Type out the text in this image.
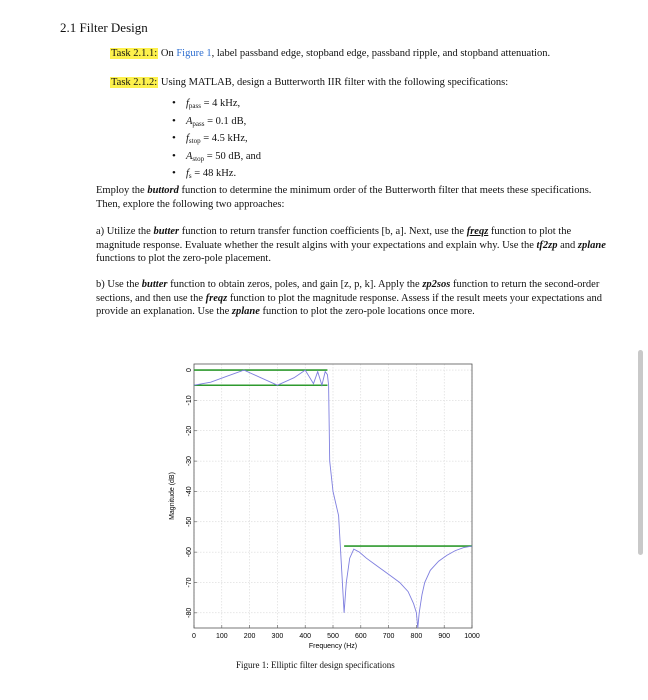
2.1 Filter Design
Task 2.1.1: On Figure 1, label passband edge, stopband edge, passband ripple, and stopband attenuation.
Task 2.1.2: Using MATLAB, design a Butterworth IIR filter with the following specifications:
• $f_{pass} = 4$ kHz,
• $A_{pass} = 0.1$ dB,
• $f_{stop} = 4.5$ kHz,
• $A_{stop} = 50$ dB, and
• $f_s = 48$ kHz.
Employ the buttord function to determine the minimum order of the Butterworth filter that meets these specifications. Then, explore the following two approaches:
a) Utilize the butter function to return transfer function coefficients [b, a]. Next, use the freqz function to plot the magnitude response. Evaluate whether the result algins with your expectations and explain why. Use the tf2zp and zplane functions to plot the zero-pole placement.
b) Use the butter function to obtain zeros, poles, and gain [z, p, k]. Apply the zp2sos function to return the second-order sections, and then use the freqz function to plot the magnitude response. Assess if the result meets your expectations and provide an explanation. Use the zplane function to plot the zero-pole locations once more.
0	100 200 300 400 500 600 700 800 900 1000
0
-10
-20
-30
-40
-50
-60
-70
-80
Frequency (Hz)
Magnitude (dB)
Figure 1: Elliptic filter design specifications
